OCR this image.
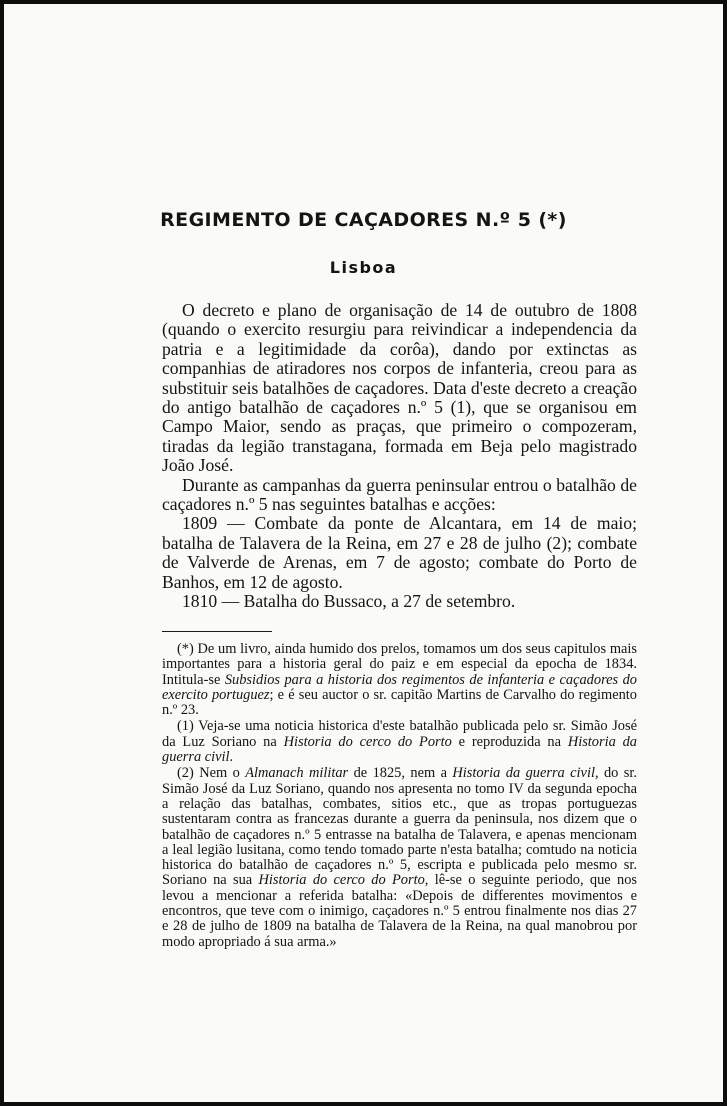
REGIMENTO DE CAÇADORES N.º 5 (*)
Lisboa

O decreto e plano de organisação de 14 de outubro de 1808 (quando o exercito resurgiu para reivindicar a independencia da patria e a legitimidade da corôa), dando por extinctas as companhias de atiradores nos corpos de infanteria, creou para as substituir seis batalhões de caçadores. Data d'este decreto a creação do antigo batalhão de caçadores n.º 5 (1), que se organisou em Campo Maior, sendo as praças, que primeiro o compozeram, tiradas da legião transtagana, formada em Beja pelo magistrado João José.

Durante as campanhas da guerra peninsular entrou o batalhão de caçadores n.º 5 nas seguintes batalhas e acções:

1809 — Combate da ponte de Alcantara, em 14 de maio; batalha de Talavera de la Reina, em 27 e 28 de julho (2); combate de Valverde de Arenas, em 7 de agosto; combate do Porto de Banhos, em 12 de agosto.

1810 — Batalha do Bussaco, a 27 de setembro.

(*) De um livro, ainda humido dos prelos, tomamos um dos seus capitulos mais importantes para a historia geral do paiz e em especial da epocha de 1834. Intitula-se Subsidios para a historia dos regimentos de infanteria e caçadores do exercito portuguez; e é seu auctor o sr. capitão Martins de Carvalho do regimento n.º 23.

(1) Veja-se uma noticia historica d'este batalhão publicada pelo sr. Simão José da Luz Soriano na Historia do cerco do Porto e reproduzida na Historia da guerra civil.

(2) Nem o Almanach militar de 1825, nem a Historia da guerra civil, do sr. Simão José da Luz Soriano, quando nos apresenta no tomo IV da segunda epocha a relação das batalhas, combates, sitios etc., que as tropas portuguezas sustentaram contra as francezas durante a guerra da peninsula, nos dizem que o batalhão de caçadores n.º 5 entrasse na batalha de Talavera, e apenas mencionam a leal legião lusitana, como tendo tomado parte n'esta batalha; comtudo na noticia historica do batalhão de caçadores n.º 5, escripta e publicada pelo mesmo sr. Soriano na sua Historia do cerco do Porto, lê-se o seguinte periodo, que nos levou a mencionar a referida batalha: «Depois de differentes movimentos e encontros, que teve com o inimigo, caçadores n.º 5 entrou finalmente nos dias 27 e 28 de julho de 1809 na batalha de Talavera de la Reina, na qual manobrou por modo apropriado á sua arma.»
